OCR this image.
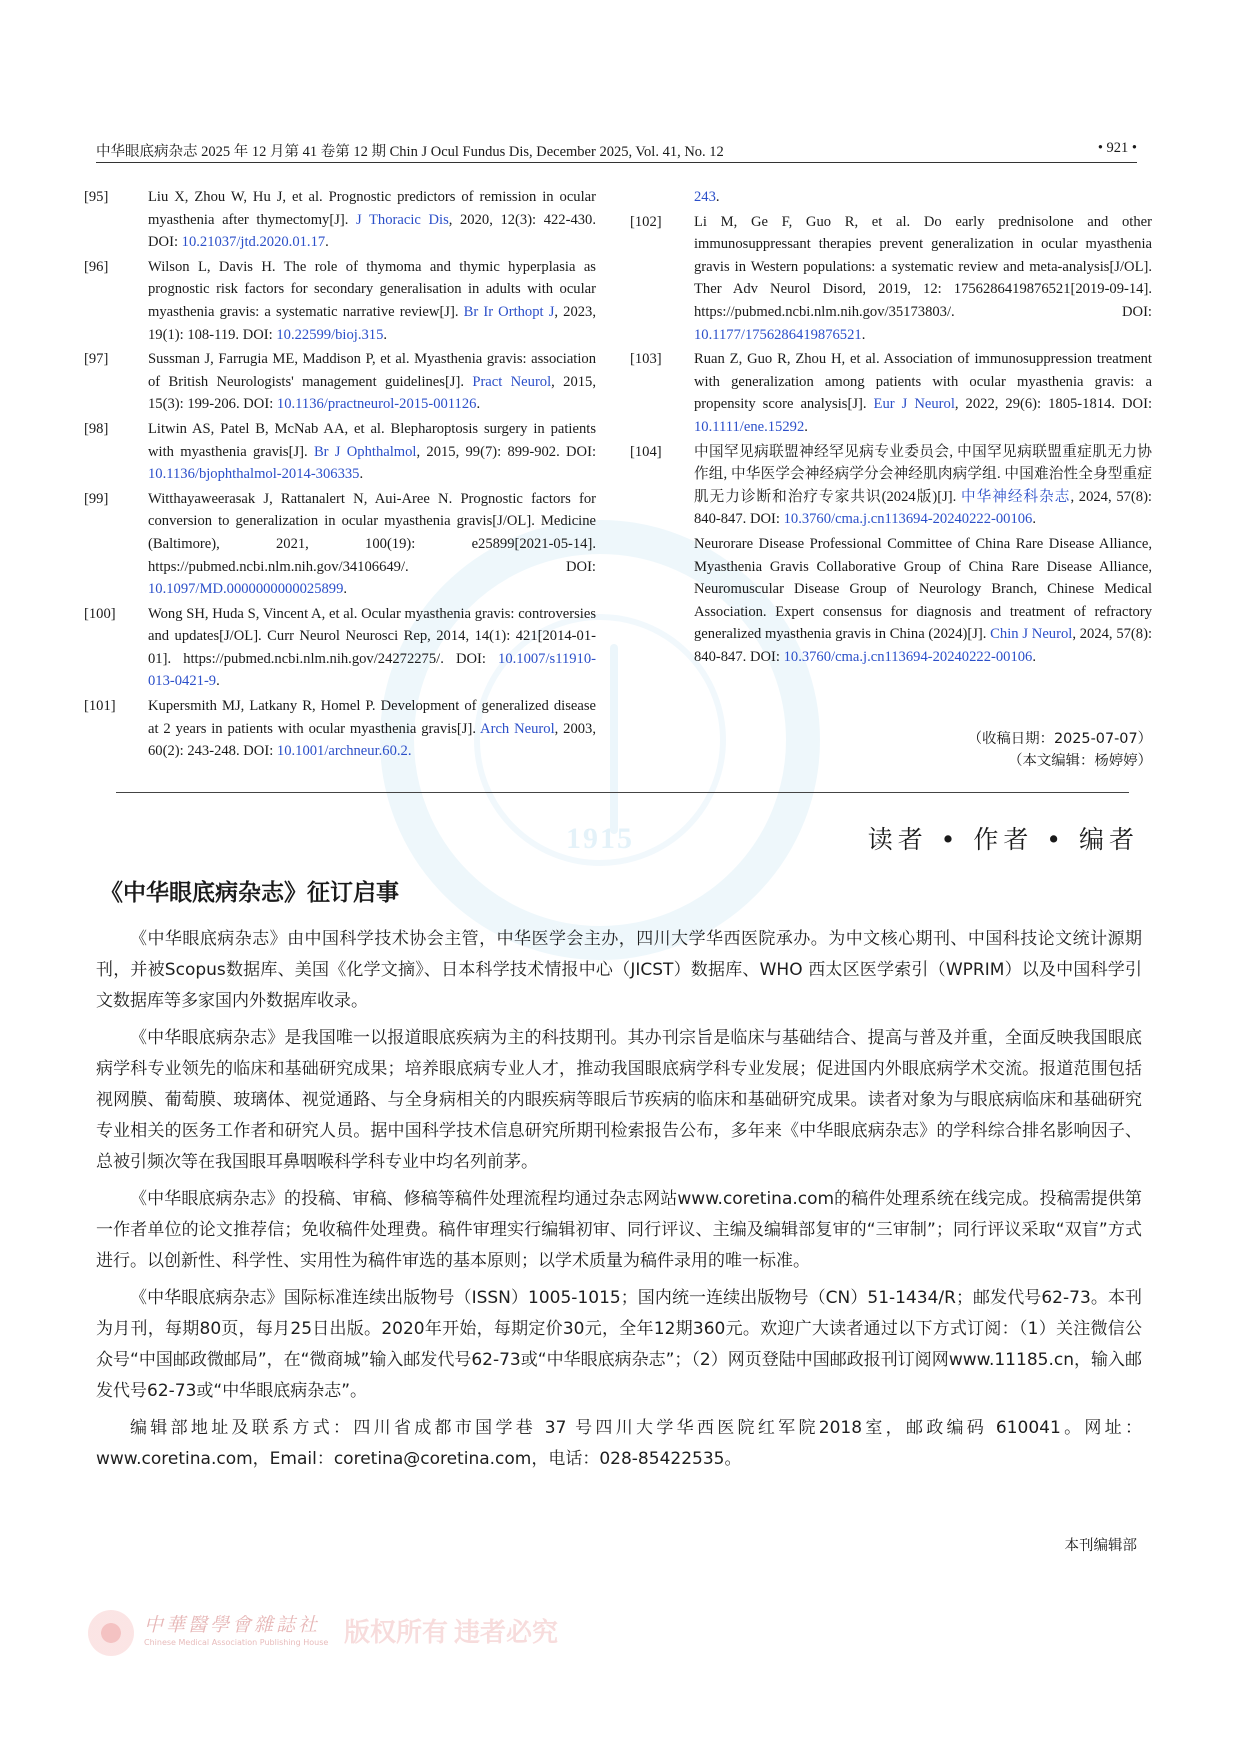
1915
中华眼底病杂志 2025 年 12 月第 41 卷第 12 期 Chin J Ocul Fundus Dis, December 2025, Vol. 41, No. 12	• 921 •
[95]	Liu X, Zhou W, Hu J, et al. Prognostic predictors of remission in ocular myasthenia after thymectomy[J]. J Thoracic Dis, 2020, 12(3): 422-430. DOI: 10.21037/jtd.2020.01.17.
[96]	Wilson L, Davis H. The role of thymoma and thymic hyperplasia as prognostic risk factors for secondary generalisation in adults with ocular myasthenia gravis: a systematic narrative review[J]. Br Ir Orthopt J, 2023, 19(1): 108-119. DOI: 10.22599/bioj.315.
[97]	Sussman J, Farrugia ME, Maddison P, et al. Myasthenia gravis: association of British Neurologists' management guidelines[J]. Pract Neurol, 2015, 15(3): 199-206. DOI: 10.1136/practneurol-2015-001126.
[98]	Litwin AS, Patel B, McNab AA, et al. Blepharoptosis surgery in patients with myasthenia gravis[J]. Br J Ophthalmol, 2015, 99(7): 899-902. DOI: 10.1136/bjophthalmol-2014-306335.
[99]	Witthayaweerasak J, Rattanalert N, Aui-Aree N. Prognostic factors for conversion to generalization in ocular myasthenia gravis[J/OL]. Medicine (Baltimore), 2021, 100(19): e25899[2021-05-14]. https://pubmed.ncbi.nlm.nih.gov/34106649/. DOI: 10.1097/MD.0000000000025899.
[100]	Wong SH, Huda S, Vincent A, et al. Ocular myasthenia gravis: controversies and updates[J/OL]. Curr Neurol Neurosci Rep, 2014, 14(1): 421[2014-01-01]. https://pubmed.ncbi.nlm.nih.gov/24272275/. DOI: 10.1007/s11910-013-0421-9.
[101]	Kupersmith MJ, Latkany R, Homel P. Development of generalized disease at 2 years in patients with ocular myasthenia gravis[J]. Arch Neurol, 2003, 60(2): 243-248. DOI: 10.1001/archneur.60.2.
243.
[102]	Li M, Ge F, Guo R, et al. Do early prednisolone and other immunosuppressant therapies prevent generalization in ocular myasthenia gravis in Western populations: a systematic review and meta-analysis[J/OL]. Ther Adv Neurol Disord, 2019, 12: 1756286419876521[2019-09-14]. https://pubmed.ncbi.nlm.nih.gov/35173803/. DOI: 10.1177/1756286419876521.
[103]	Ruan Z, Guo R, Zhou H, et al. Association of immunosuppression treatment with generalization among patients with ocular myasthenia gravis: a propensity score analysis[J]. Eur J Neurol, 2022, 29(6): 1805-1814. DOI: 10.1111/ene.15292.
[104]	中国罕见病联盟神经罕见病专业委员会, 中国罕见病联盟重症肌无力协作组, 中华医学会神经病学分会神经肌肉病学组. 中国难治性全身型重症肌无力诊断和治疗专家共识(2024版)[J]. 中华神经科杂志, 2024, 57(8): 840-847. DOI: 10.3760/cma.j.cn113694-20240222-00106.
Neurorare Disease Professional Committee of China Rare Disease Alliance, Myasthenia Gravis Collaborative Group of China Rare Disease Alliance, Neuromuscular Disease Group of Neurology Branch, Chinese Medical Association. Expert consensus for diagnosis and treatment of refractory generalized myasthenia gravis in China (2024)[J]. Chin J Neurol, 2024, 57(8): 840-847. DOI: 10.3760/cma.j.cn113694-20240222-00106.
（收稿日期：2025-07-07）
（本文编辑：杨婷婷）
读者 • 作者 • 编者
《中华眼底病杂志》征订启事

《中华眼底病杂志》由中国科学技术协会主管，中华医学会主办，四川大学华西医院承办。为中文核心期刊、中国科技论文统计源期刊，并被Scopus数据库、美国《化学文摘》、日本科学技术情报中心（JICST）数据库、WHO 西太区医学索引（WPRIM）以及中国科学引文数据库等多家国内外数据库收录。

《中华眼底病杂志》是我国唯一以报道眼底疾病为主的科技期刊。其办刊宗旨是临床与基础结合、提高与普及并重，全面反映我国眼底病学科专业领先的临床和基础研究成果；培养眼底病专业人才，推动我国眼底病学科专业发展；促进国内外眼底病学术交流。报道范围包括视网膜、葡萄膜、玻璃体、视觉通路、与全身病相关的内眼疾病等眼后节疾病的临床和基础研究成果。读者对象为与眼底病临床和基础研究专业相关的医务工作者和研究人员。据中国科学技术信息研究所期刊检索报告公布，多年来《中华眼底病杂志》的学科综合排名影响因子、总被引频次等在我国眼耳鼻咽喉科学科专业中均名列前茅。

《中华眼底病杂志》的投稿、审稿、修稿等稿件处理流程均通过杂志网站www.coretina.com的稿件处理系统在线完成。投稿需提供第一作者单位的论文推荐信；免收稿件处理费。稿件审理实行编辑初审、同行评议、主编及编辑部复审的“三审制”；同行评议采取“双盲”方式进行。以创新性、科学性、实用性为稿件审选的基本原则；以学术质量为稿件录用的唯一标准。

《中华眼底病杂志》国际标准连续出版物号（ISSN）1005-1015；国内统一连续出版物号（CN）51-1434/R；邮发代号62-73。本刊为月刊，每期80页，每月25日出版。2020年开始，每期定价30元，全年12期360元。欢迎广大读者通过以下方式订阅：（1）关注微信公众号“中国邮政微邮局”，在“微商城”输入邮发代号62-73或“中华眼底病杂志”；（2）网页登陆中国邮政报刊订阅网www.11185.cn，输入邮发代号62-73或“中华眼底病杂志”。

编辑部地址及联系方式：四川省成都市国学巷 37 号四川大学华西医院红军院2018室，邮政编码 610041。网址：www.coretina.com，Email：coretina@coretina.com，电话：028-85422535。

本刊编辑部
中華醫學會雜誌社
Chinese Medical Association Publishing House 版权所有 违者必究
